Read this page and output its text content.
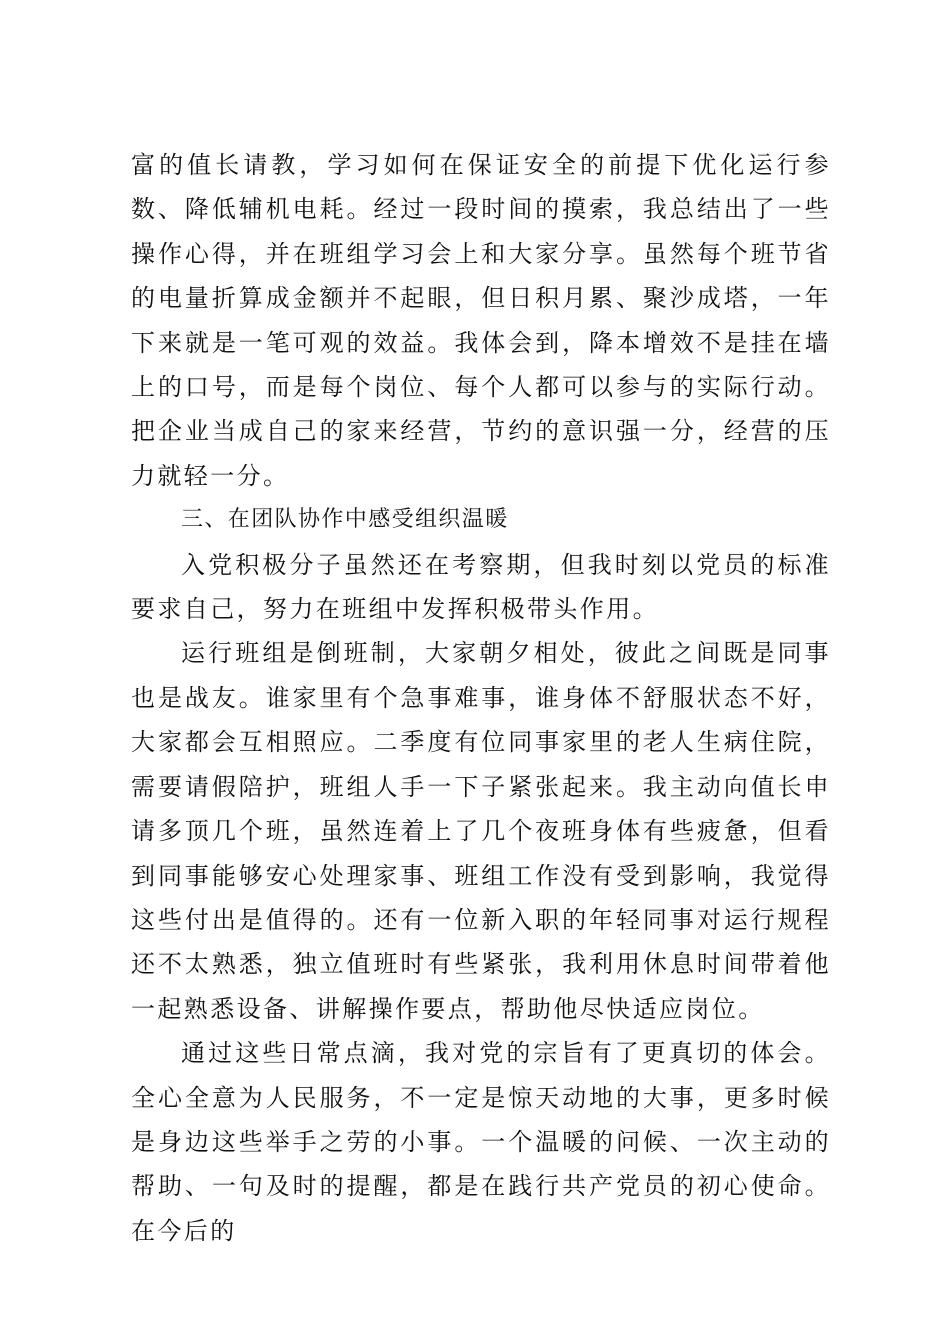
富的值长请教，学习如何在保证安全的前提下优化运行参数、降低辅机电耗。经过一段时间的摸索，我总结出了一些操作心得，并在班组学习会上和大家分享。虽然每个班节省的电量折算成金额并不起眼，但日积月累、聚沙成塔，一年下来就是一笔可观的效益。我体会到，降本增效不是挂在墙上的口号，而是每个岗位、每个人都可以参与的实际行动。把企业当成自己的家来经营，节约的意识强一分，经营的压力就轻一分。

三、在团队协作中感受组织温暖

入党积极分子虽然还在考察期，但我时刻以党员的标准要求自己，努力在班组中发挥积极带头作用。

运行班组是倒班制，大家朝夕相处，彼此之间既是同事也是战友。谁家里有个急事难事，谁身体不舒服状态不好，大家都会互相照应。二季度有位同事家里的老人生病住院，需要请假陪护，班组人手一下子紧张起来。我主动向值长申请多顶几个班，虽然连着上了几个夜班身体有些疲惫，但看到同事能够安心处理家事、班组工作没有受到影响，我觉得这些付出是值得的。还有一位新入职的年轻同事对运行规程还不太熟悉，独立值班时有些紧张，我利用休息时间带着他一起熟悉设备、讲解操作要点，帮助他尽快适应岗位。

通过这些日常点滴，我对党的宗旨有了更真切的体会。全心全意为人民服务，不一定是惊天动地的大事，更多时候是身边这些举手之劳的小事。一个温暖的问候、一次主动的帮助、一句及时的提醒，都是在践行共产党员的初心使命。在今后的
